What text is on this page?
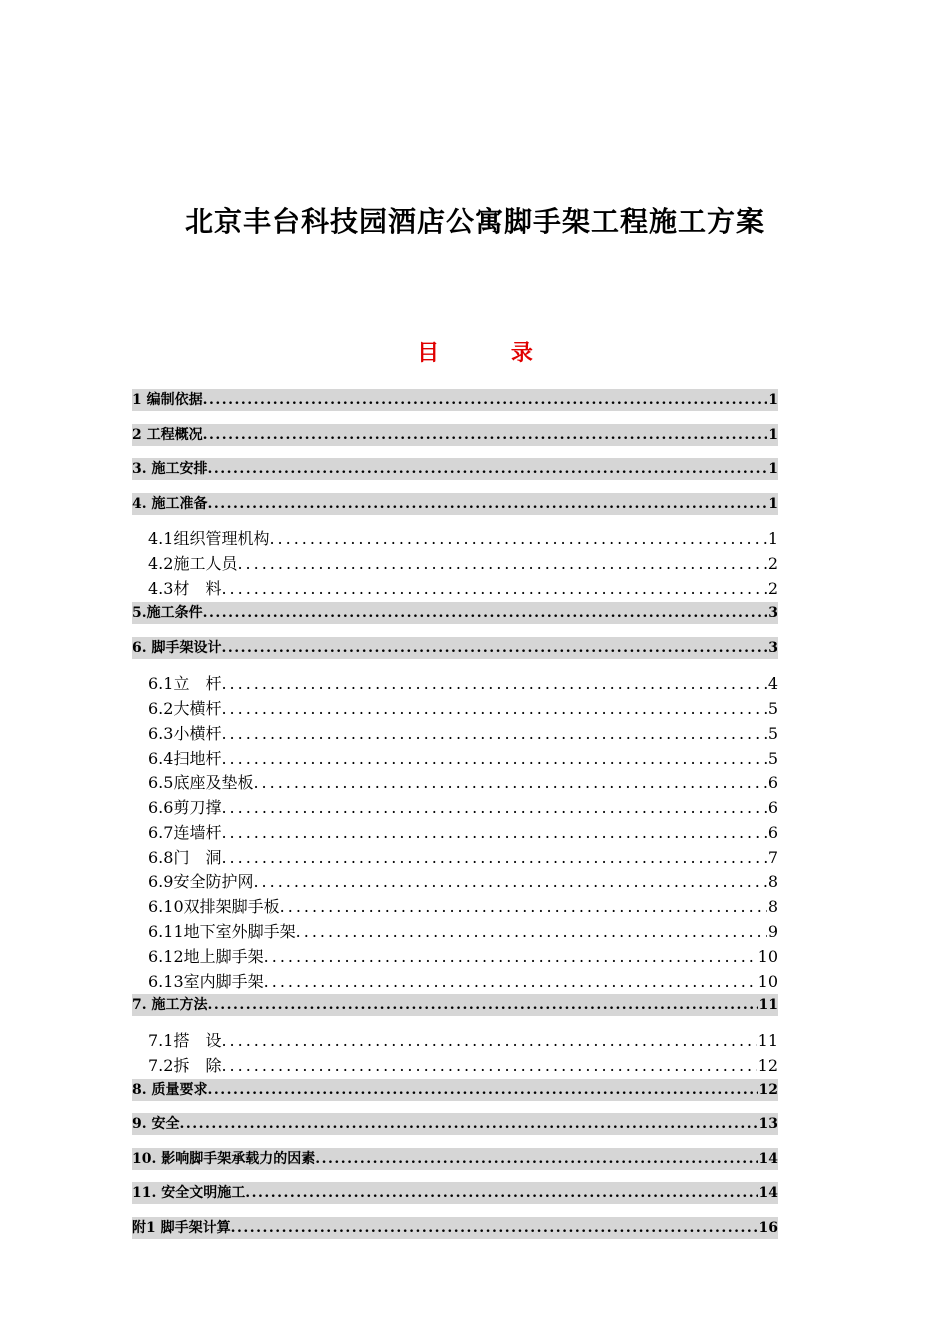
北京丰台科技园酒店公寓脚手架工程施工方案
目	录
1 编制依据 .....	1
2 工程概况 .....	1
3. 施工安排 .....	1
4. 施工准备 .....	1
4.1组织管理机构 .....	1
4.2施工人员 .....	2
4.3材　料 .....	2
5.施工条件 .....	3
6. 脚手架设计 .....	3
6.1立　杆 .....	4
6.2大横杆 .....	5
6.3小横杆 .....	5
6.4扫地杆 .....	5
6.5底座及垫板 .....	6
6.6剪刀撑 .....	6
6.7连墙杆 .....	6
6.8门　洞 .....	7
6.9安全防护网 .....	8
6.10双排架脚手板 .....	8
6.11地下室外脚手架 .....	9
6.12地上脚手架 .....	10
6.13室内脚手架 .....	10
7. 施工方法 .....	11
7.1搭　设 .....	11
7.2拆　除 .....	12
8. 质量要求 .....	12
9. 安全 .....	13
10. 影响脚手架承载力的因素 .....	14
11. 安全文明施工 .....	14
附1 脚手架计算 .....	16
